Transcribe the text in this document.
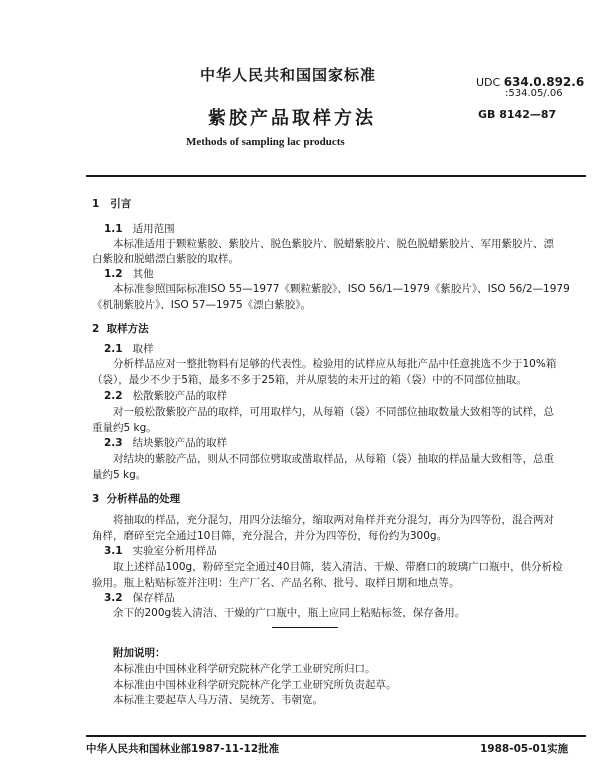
中华人民共和国国家标准	UDC 634.0.892.6
:534.05/.06
GB 8142—87
紫胶产品取样方法
Methods of sampling lac products
1 引言
1.1 适用范围
本标准适用于颗粒紫胶、紫胶片、脱色紫胶片、脱蜡紫胶片、脱色脱蜡紫胶片、军用紫胶片、漂
白紫胶和脱蜡漂白紫胶的取样。
1.2 其他
本标准参照国际标准ISO 55—1977《颗粒紫胶》、ISO 56/1—1979《紫胶片》、ISO 56/2—1979
《机制紫胶片》、ISO 57—1975《漂白紫胶》。
2 取样方法
2.1 取样
分析样品应对一整批物料有足够的代表性。检验用的试样应从每批产品中任意挑选不少于10%箱
（袋），最少不少于5箱，最多不多于25箱，并从原装的未开过的箱（袋）中的不同部位抽取。
2.2 松散紫胶产品的取样
对一般松散紫胶产品的取样，可用取样勺，从每箱（袋）不同部位抽取数量大致相等的试样，总
重量约5 kg。
2.3 结块紫胶产品的取样
对结块的紫胶产品，则从不同部位劈取或凿取样品，从每箱（袋）抽取的样品量大致相等，总重
量约5 kg。
3 分析样品的处理
将抽取的样品，充分混匀，用四分法缩分，缩取两对角样并充分混匀，再分为四等份，混合两对
角样，磨碎至完全通过10目筛，充分混合，并分为四等份，每份约为300g。
3.1 实验室分析用样品
取上述样品100g，粉碎至完全通过40目筛，装入清洁、干燥、带磨口的玻璃广口瓶中，供分析检
验用。瓶上粘贴标签并注明：生产厂名、产品名称、批号、取样日期和地点等。
3.2 保存样品
余下的200g装入清洁、干燥的广口瓶中，瓶上应同上粘贴标签，保存备用。
附加说明：
本标准由中国林业科学研究院林产化学工业研究所归口。
本标准由中国林业科学研究院林产化学工业研究所负责起草。
本标准主要起草人马万清、吴统芳、韦朝宽。
中华人民共和国林业部1987-11-12批准	1988-05-01实施
